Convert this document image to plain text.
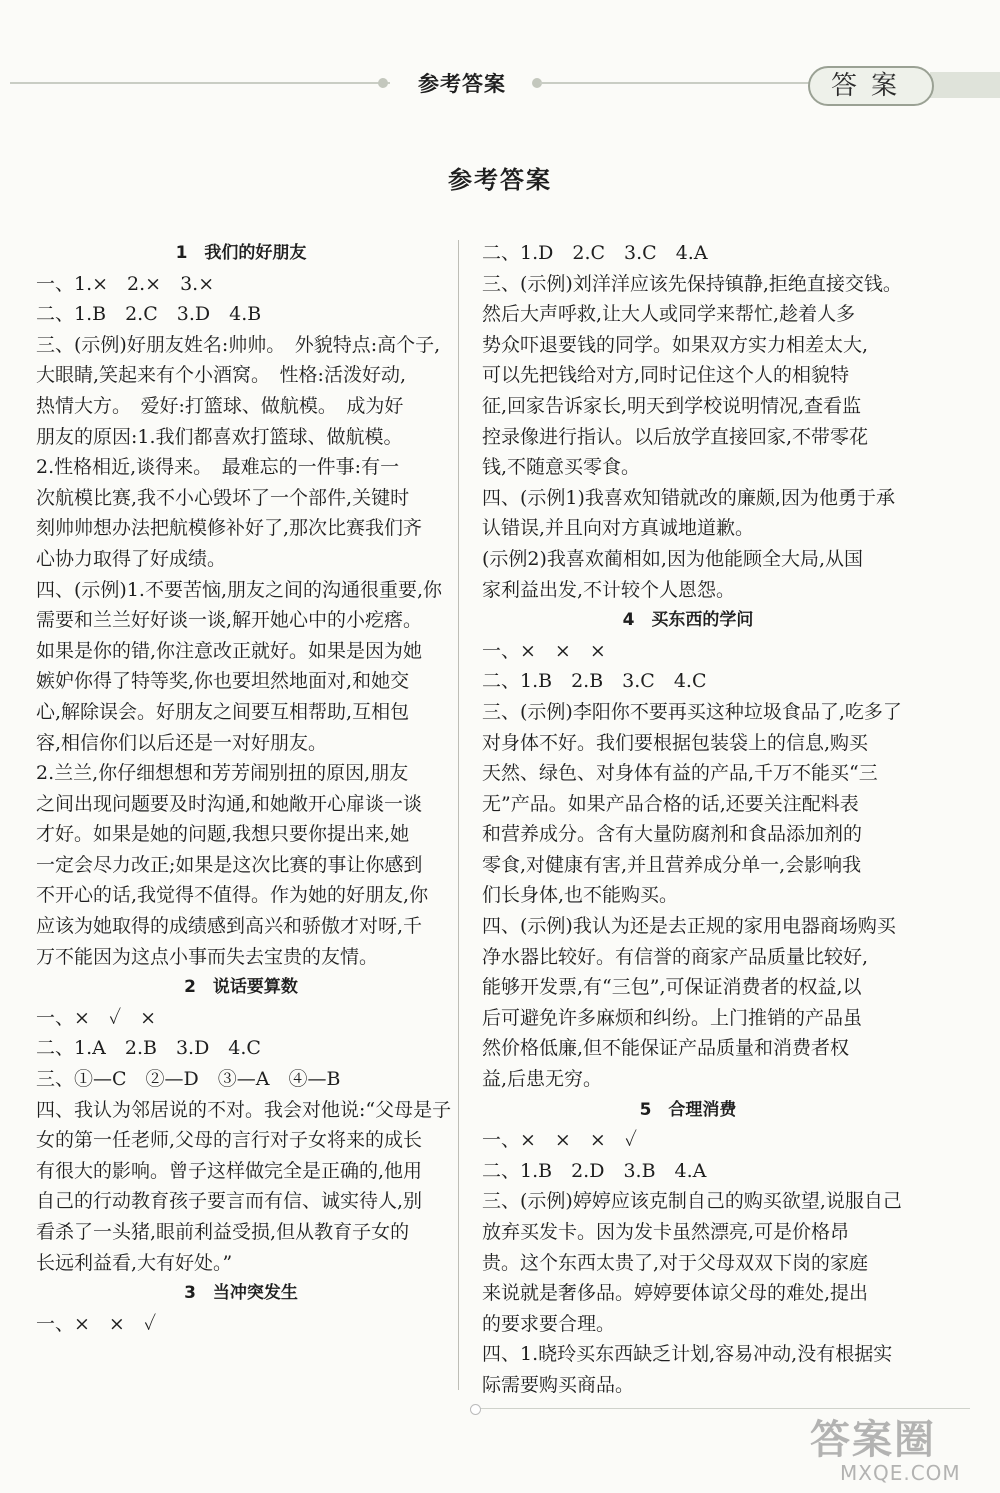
参考答案	答案
参考答案
1　我们的好朋友
一、1.×　2.×　3.×
二、1.B　2.C　3.D　4.B
三、(示例)好朋友姓名:帅帅。　外貌特点:高个子,
大眼睛,笑起来有个小酒窝。　性格:活泼好动,
热情大方。　爱好:打篮球、做航模。　成为好
朋友的原因:1.我们都喜欢打篮球、做航模。
2.性格相近,谈得来。　最难忘的一件事:有一
次航模比赛,我不小心毁坏了一个部件,关键时
刻帅帅想办法把航模修补好了,那次比赛我们齐
心协力取得了好成绩。
四、(示例)1.不要苦恼,朋友之间的沟通很重要,你
需要和兰兰好好谈一谈,解开她心中的小疙瘩。
如果是你的错,你注意改正就好。如果是因为她
嫉妒你得了特等奖,你也要坦然地面对,和她交
心,解除误会。好朋友之间要互相帮助,互相包
容,相信你们以后还是一对好朋友。
2.兰兰,你仔细想想和芳芳闹别扭的原因,朋友
之间出现问题要及时沟通,和她敞开心扉谈一谈
才好。如果是她的问题,我想只要你提出来,她
一定会尽力改正;如果是这次比赛的事让你感到
不开心的话,我觉得不值得。作为她的好朋友,你
应该为她取得的成绩感到高兴和骄傲才对呀,千
万不能因为这点小事而失去宝贵的友情。
2　说话要算数
一、×　✓　×
二、1.A　2.B　3.D　4.C
三、①—C　②—D　③—A　④—B
四、我认为邻居说的不对。我会对他说:“父母是子
女的第一任老师,父母的言行对子女将来的成长
有很大的影响。曾子这样做完全是正确的,他用
自己的行动教育孩子要言而有信、诚实待人,别
看杀了一头猪,眼前利益受损,但从教育子女的
长远利益看,大有好处。”
3　当冲突发生
一、×　×　✓
二、1.D　2.C　3.C　4.A
三、(示例)刘洋洋应该先保持镇静,拒绝直接交钱。
然后大声呼救,让大人或同学来帮忙,趁着人多
势众吓退要钱的同学。如果双方实力相差太大,
可以先把钱给对方,同时记住这个人的相貌特
征,回家告诉家长,明天到学校说明情况,查看监
控录像进行指认。以后放学直接回家,不带零花
钱,不随意买零食。
四、(示例1)我喜欢知错就改的廉颇,因为他勇于承
认错误,并且向对方真诚地道歉。
(示例2)我喜欢蔺相如,因为他能顾全大局,从国
家利益出发,不计较个人恩怨。
4　买东西的学问
一、×　×　×
二、1.B　2.B　3.C　4.C
三、(示例)李阳你不要再买这种垃圾食品了,吃多了
对身体不好。我们要根据包装袋上的信息,购买
天然、绿色、对身体有益的产品,千万不能买“三
无”产品。如果产品合格的话,还要关注配料表
和营养成分。含有大量防腐剂和食品添加剂的
零食,对健康有害,并且营养成分单一,会影响我
们长身体,也不能购买。
四、(示例)我认为还是去正规的家用电器商场购买
净水器比较好。有信誉的商家产品质量比较好,
能够开发票,有“三包”,可保证消费者的权益,以
后可避免许多麻烦和纠纷。上门推销的产品虽
然价格低廉,但不能保证产品质量和消费者权
益,后患无穷。
5　合理消费
一、×　×　×　✓
二、1.B　2.D　3.B　4.A
三、(示例)婷婷应该克制自己的购买欲望,说服自己
放弃买发卡。因为发卡虽然漂亮,可是价格昂
贵。这个东西太贵了,对于父母双双下岗的家庭
来说就是奢侈品。婷婷要体谅父母的难处,提出
的要求要合理。
四、1.晓玲买东西缺乏计划,容易冲动,没有根据实
际需要购买商品。
答案圈
MXQE.COM
